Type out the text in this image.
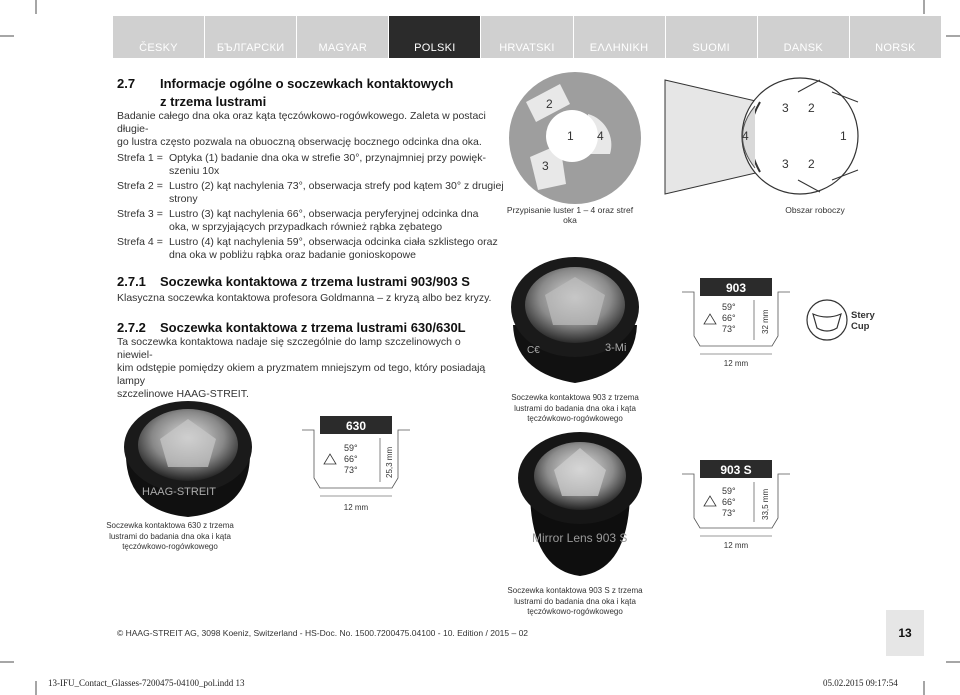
ČESKY	БЪЛГАРСКИ	MAGYAR	POLSKI	HRVATSKI	ΕΛΛΗΝΙΚΗ	SUOMI	DANSK	NORSK
2.7 Informacje ogólne o soczewkach kontaktowych
z trzema lustrami
Badanie całego dna oka oraz kąta tęczówkowo-rogówkowego. Zaleta w postaci długie-
go lustra często pozwala na obuoczną obserwację bocznego odcinka dna oka.
Strefa 1 = Optyka (1) badanie dna oka w strefie 30°, przynajmniej przy powięk-
szeniu 10x
Strefa 2 = Lustro (2) kąt nachylenia 73°, obserwacja strefy pod kątem 30° z drugiej
strony
Strefa 3 = Lustro (3) kąt nachylenia 66°, obserwacja peryferyjnej odcinka dna
oka, w sprzyjających przypadkach również rąbka zębatego
Strefa 4 = Lustro (4) kąt nachylenia 59°, obserwacja odcinka ciała szklistego oraz
dna oka w pobliżu rąbka oraz badanie gonioskopowe
2
1 4
3
Przypisanie luster 1 – 4 oraz stref oka
3 2
4	1
3 2
Obszar roboczy
2.7.1 Soczewka kontaktowa z trzema lustrami 903/903 S
Klasyczna soczewka kontaktowa profesora Goldmanna – z kryzą albo bez kryzy.
2.7.2 Soczewka kontaktowa z trzema lustrami 630/630L
Ta soczewka kontaktowa nadaje się szczególnie do lamp szczelinowych o niewiel-
kim odstępie pomiędzy okiem a pryzmatem mniejszym od tego, który posiadają lampy
szczelinowe HAAG-STREIT.
3-Mi
C€
Soczewka kontaktowa 903 z trzema
lustrami do badania dna oka i kąta
tęczówkowo-rogówkowego
Mirror Lens 903 S
Soczewka kontaktowa 903 S z trzema
lustrami do badania dna oka i kąta
tęczówkowo-rogówkowego
HAAG-STREIT
Soczewka kontaktowa 630 z trzema
lustrami do badania dna oka i kąta
tęczówkowo-rogówkowego
630
59°
66°
73°	25,3 mm
12 mm
903
59°
66°
73°	32 mm
12 mm
903 S
59°
66°
73°	33,5 mm
12 mm
Stery
Cup
© HAAG-STREIT AG, 3098 Koeniz, Switzerland - HS-Doc. No. 1500.7200475.04100 - 10. Edition / 2015 – 02	13
13-IFU_Contact_Glasses-7200475-04100_pol.indd 13	05.02.2015 09:17:54
